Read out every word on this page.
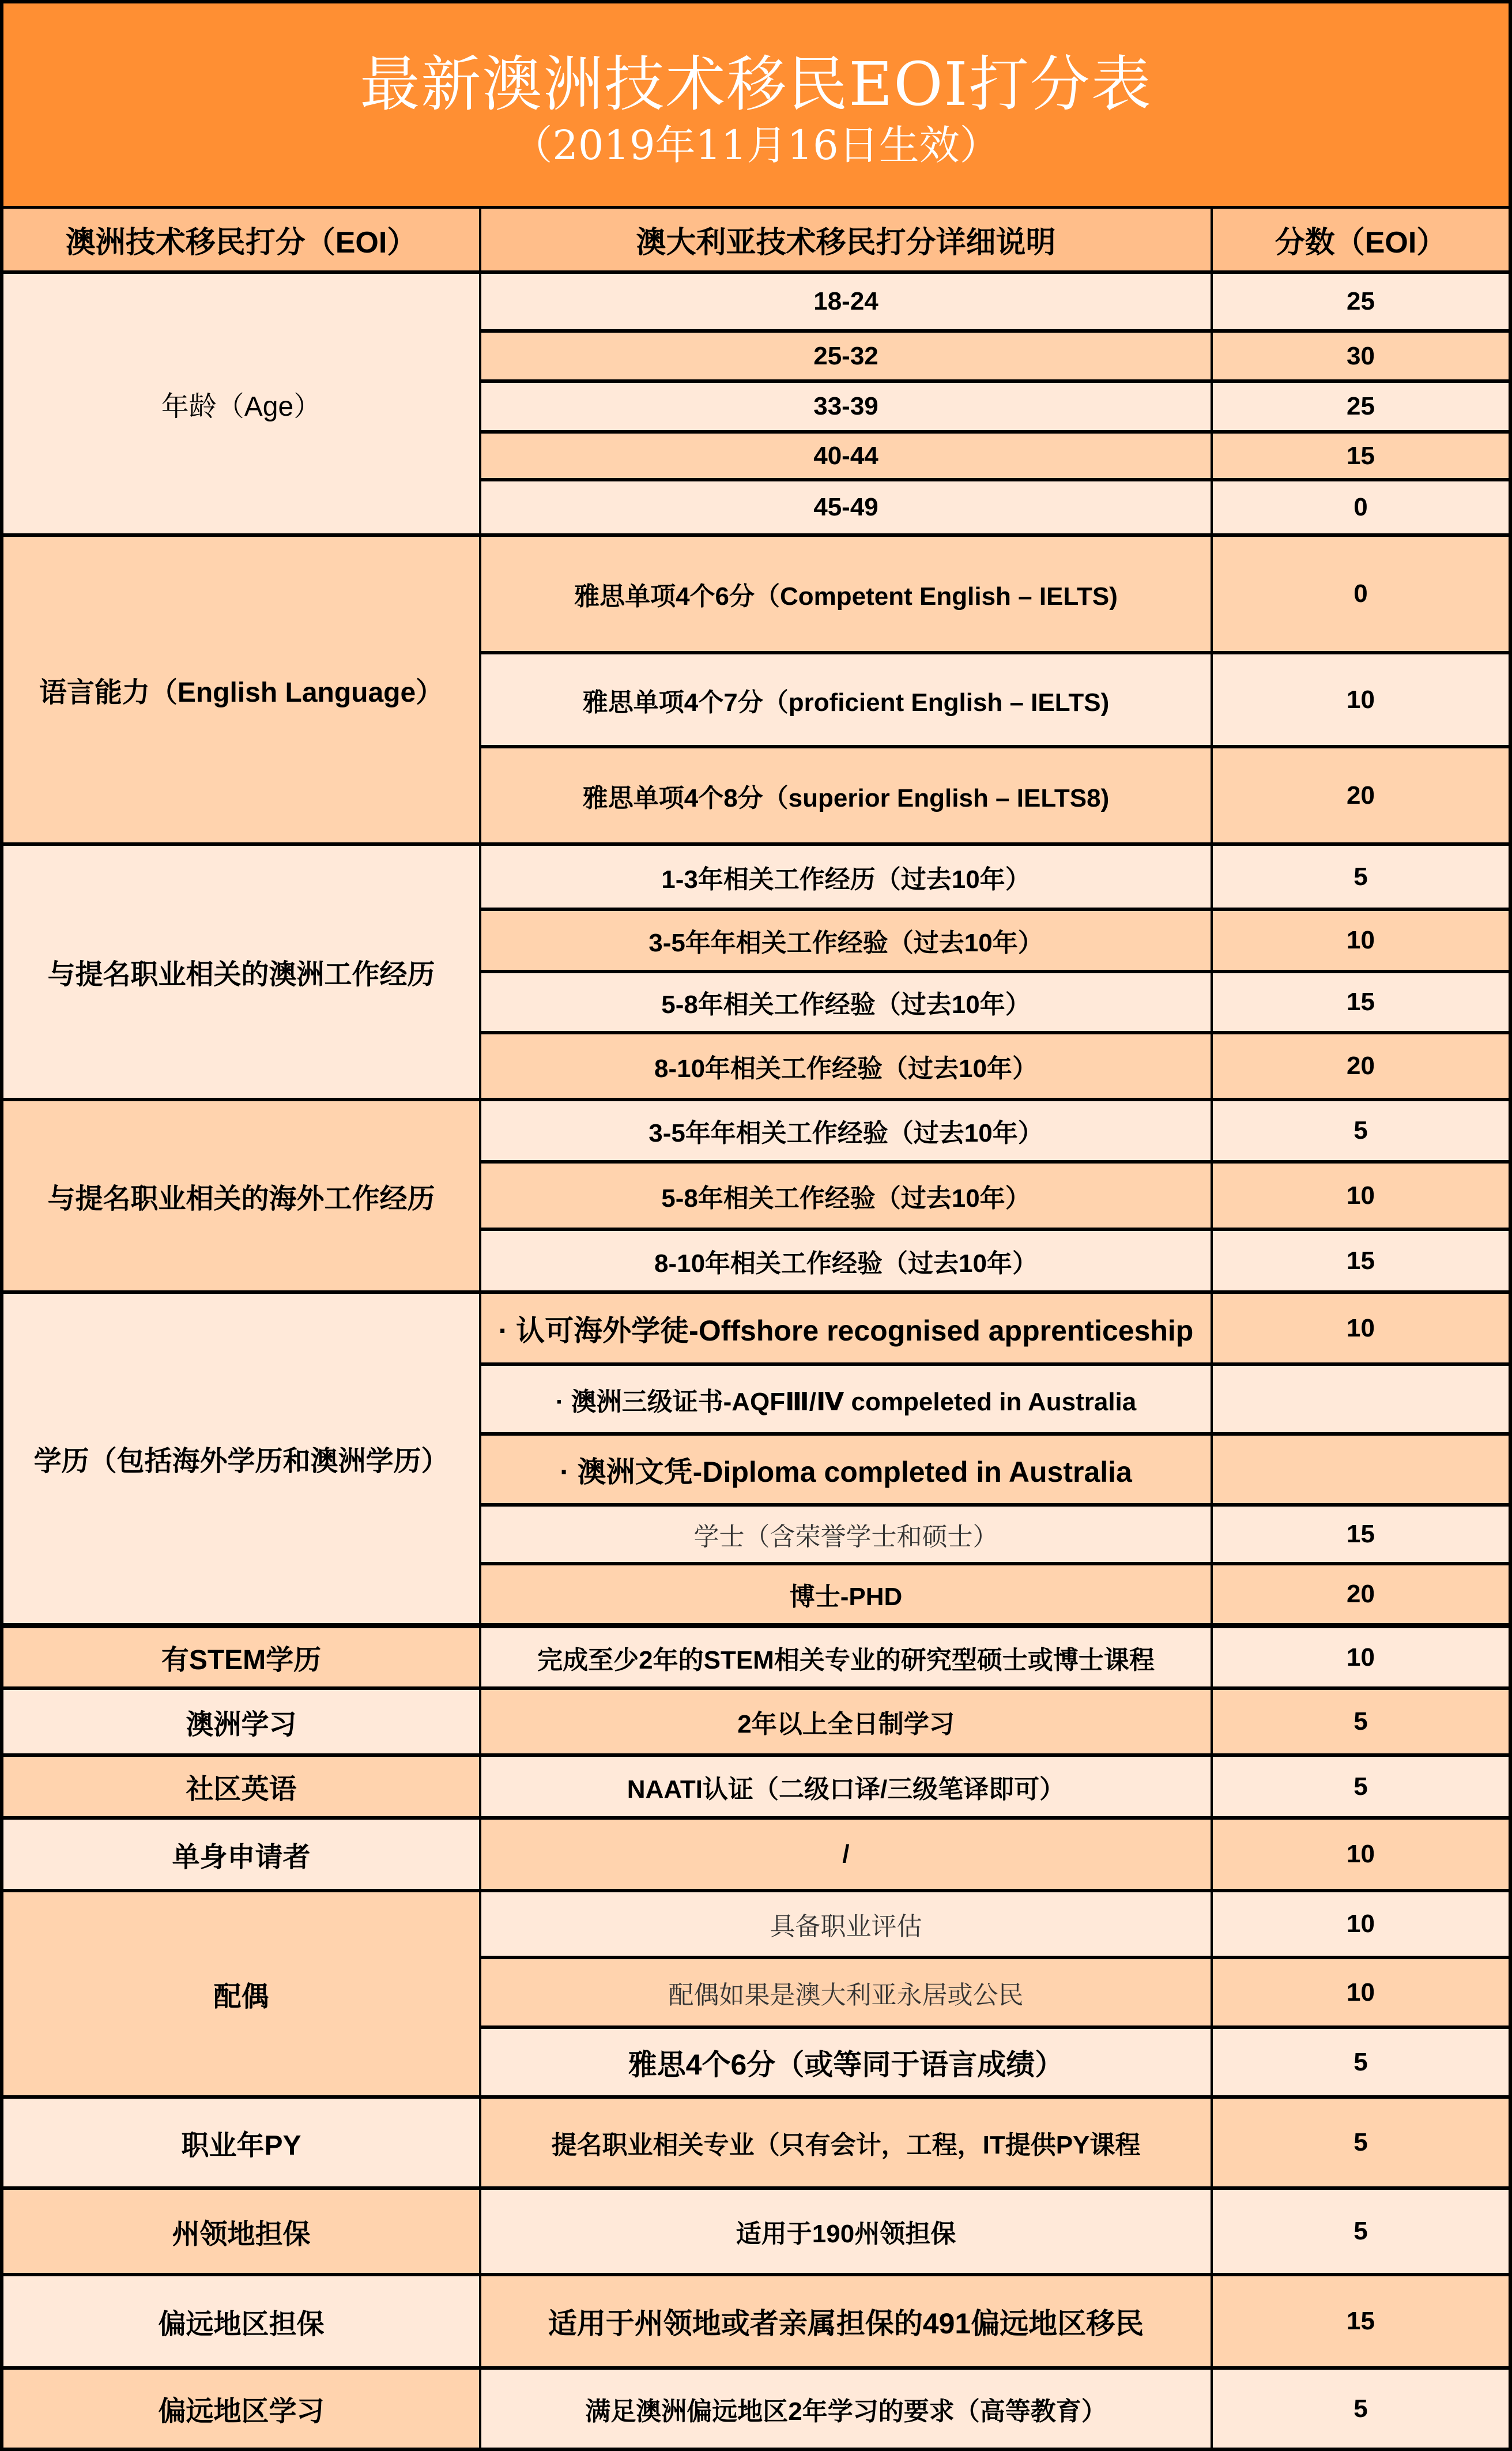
最新澳洲技术移民EOI打分表
（2019年11月16日生效）
澳洲技术移民打分（EOI）	澳大利亚技术移民打分详细说明	分数（EOI）
年龄（Age）
18-24	25
25-32	30
33-39	25
40-44	15
45-49	0
语言能力（English Language）
雅思单项4个6分（Competent English – IELTS)	0
雅思单项4个7分（proficient English – IELTS)	10
雅思单项4个8分（superior English – IELTS8)	20
与提名职业相关的澳洲工作经历
1-3年相关工作经历（过去10年）	5
3-5年年相关工作经验（过去10年）	10
5-8年相关工作经验（过去10年）	15
8-10年相关工作经验（过去10年）	20
与提名职业相关的海外工作经历
3-5年年相关工作经验（过去10年）	5
5-8年相关工作经验（过去10年）	10
8-10年相关工作经验（过去10年）	15
学历（包括海外学历和澳洲学历）
· 认可海外学徒-Offshore recognised apprenticeship	10
· 澳洲三级证书-AQFⅢ/Ⅳ compeleted in Australia
· 澳洲文凭-Diploma completed in Australia
学士（含荣誉学士和硕士）	15
博士-PHD	20
有STEM学历	完成至少2年的STEM相关专业的研究型硕士或博士课程	10
澳洲学习	2年以上全日制学习	5
社区英语	NAATI认证（二级口译/三级笔译即可）	5
单身申请者	/	10
配偶
具备职业评估	10
配偶如果是澳大利亚永居或公民	10
雅思4个6分（或等同于语言成绩）	5
职业年PY	提名职业相关专业（只有会计，工程，IT提供PY课程	5
州领地担保	适用于190州领担保	5
偏远地区担保	适用于州领地或者亲属担保的491偏远地区移民	15
偏远地区学习	满足澳洲偏远地区2年学习的要求（高等教育）	5
